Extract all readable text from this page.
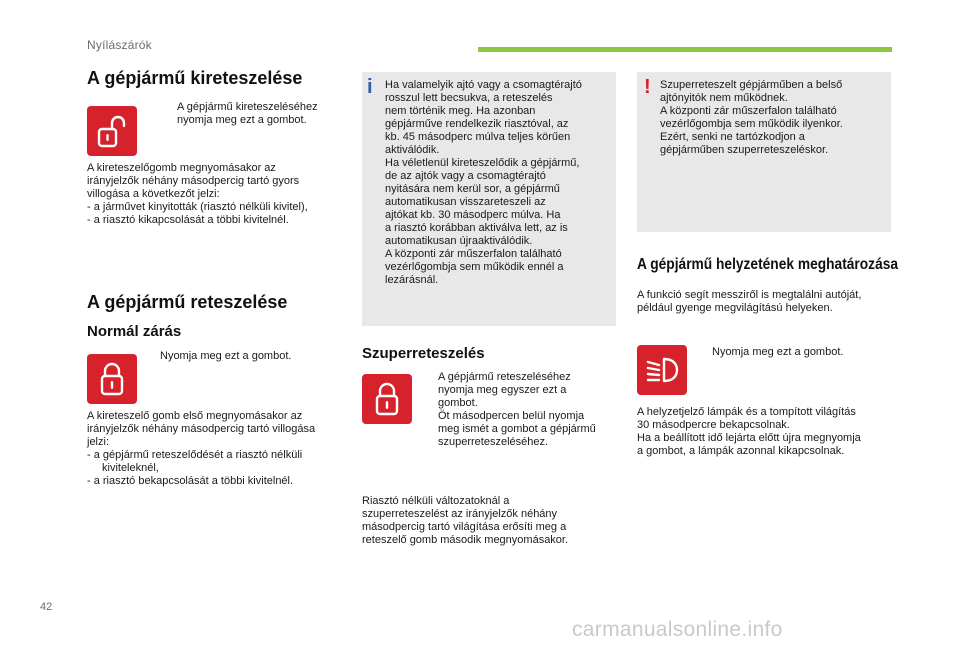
Nyílászárók
A gépjármű kireteszelése
A gépjármű kireteszeléséhez
nyomja meg ezt a gombot.
A kireteszelőgomb megnyomásakor az
irányjelzők néhány másodpercig tartó gyors
villogása a következőt jelzi:
- a járművet kinyitották (riasztó nélküli kivitel),
- a riasztó kikapcsolását a többi kivitelnél.
A gépjármű reteszelése
Normál zárás
Nyomja meg ezt a gombot.
A kireteszelő gomb első megnyomásakor az
irányjelzők néhány másodpercig tartó villogása
jelzi:
- a gépjármű reteszelődését a riasztó nélküli
kiviteleknél,
- a riasztó bekapcsolását a többi kivitelnél.
i Ha valamelyik ajtó vagy a csomagtérajtó
rosszul lett becsukva, a reteszelés
nem történik meg. Ha azonban
gépjárműve rendelkezik riasztóval, az
kb. 45 másodperc múlva teljes körűen
aktiválódik.
Ha véletlenül kireteszelődik a gépjármű,
de az ajtók vagy a csomagtérajtó
nyitására nem kerül sor, a gépjármű
automatikusan visszareteszeli az
ajtókat kb. 30 másodperc múlva. Ha
a riasztó korábban aktiválva lett, az is
automatikusan újraaktiválódik.
A központi zár műszerfalon található
vezérlőgombja sem működik ennél a
lezárásnál.
Szuperreteszelés
A gépjármű reteszeléséhez
nyomja meg egyszer ezt a
gombot.
Öt másodpercen belül nyomja
meg ismét a gombot a gépjármű
szuperreteszeléséhez.
Riasztó nélküli változatoknál a
szuperreteszelést az irányjelzők néhány
másodpercig tartó világítása erősíti meg a
reteszelő gomb második megnyomásakor.
! Szuperreteszelt gépjárműben a belső
ajtónyitók nem működnek.
A központi zár műszerfalon található
vezérlőgombja sem működik ilyenkor.
Ezért, senki ne tartózkodjon a
gépjárműben szuperreteszeléskor.
A gépjármű helyzetének meghatározása
A funkció segít messziről is megtalálni autóját,
például gyenge megvilágítású helyeken.
Nyomja meg ezt a gombot.
A helyzetjelző lámpák és a tompított világítás
30 másodpercre bekapcsolnak.
Ha a beállított idő lejárta előtt újra megnyomja
a gombot, a lámpák azonnal kikapcsolnak.
42
carmanualsonline.info
